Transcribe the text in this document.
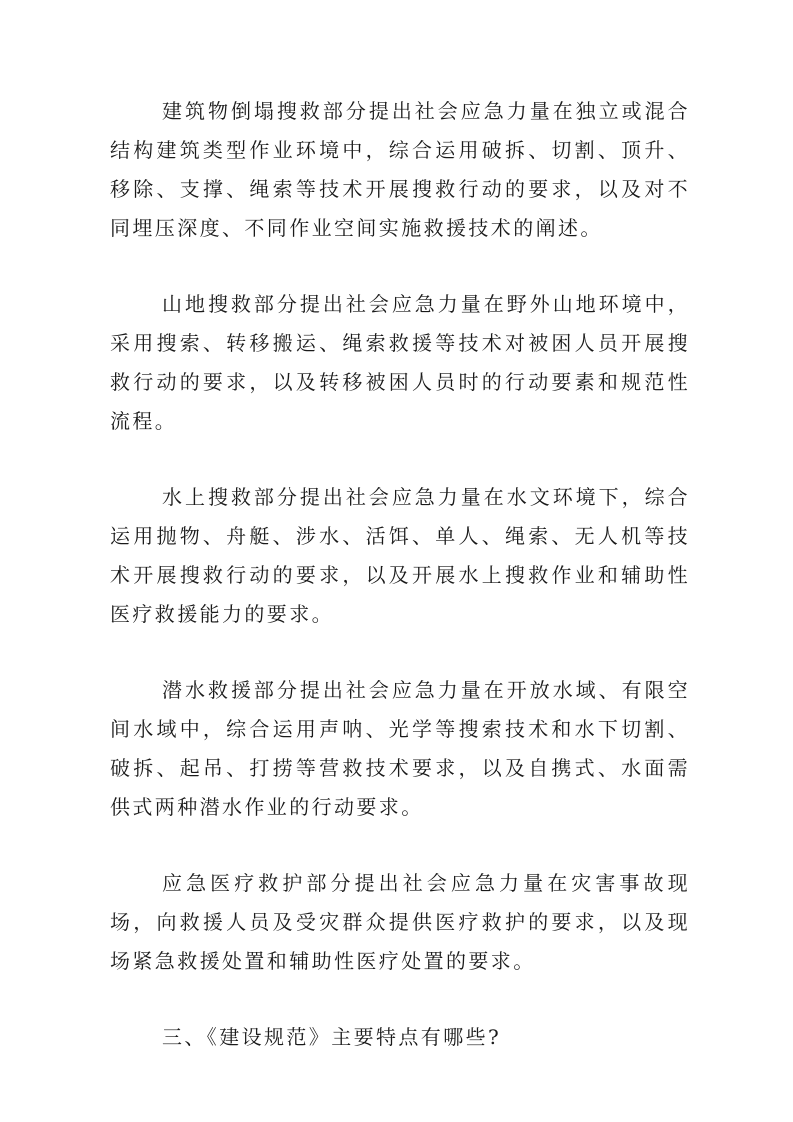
建筑物倒塌搜救部分提出社会应急力量在独立或混合结构建筑类型作业环境中，综合运用破拆、切割、顶升、移除、支撑、绳索等技术开展搜救行动的要求，以及对不同埋压深度、不同作业空间实施救援技术的阐述。

山地搜救部分提出社会应急力量在野外山地环境中，采用搜索、转移搬运、绳索救援等技术对被困人员开展搜救行动的要求，以及转移被困人员时的行动要素和规范性流程。

水上搜救部分提出社会应急力量在水文环境下，综合运用抛物、舟艇、涉水、活饵、单人、绳索、无人机等技术开展搜救行动的要求，以及开展水上搜救作业和辅助性医疗救援能力的要求。

潜水救援部分提出社会应急力量在开放水域、有限空间水域中，综合运用声呐、光学等搜索技术和水下切割、破拆、起吊、打捞等营救技术要求，以及自携式、水面需供式两种潜水作业的行动要求。

应急医疗救护部分提出社会应急力量在灾害事故现场，向救援人员及受灾群众提供医疗救护的要求，以及现场紧急救援处置和辅助性医疗处置的要求。

三、《建设规范》主要特点有哪些?
